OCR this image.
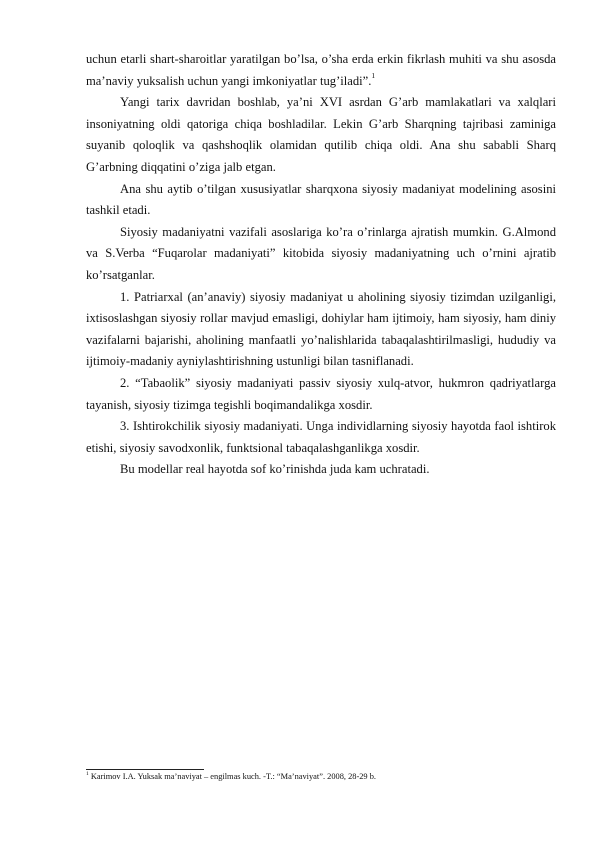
uchun etarli shart-sharoitlar yaratilgan bo’lsa, o’sha erda erkin fikrlash muhiti va shu asosda ma’naviy yuksalish uchun yangi imkoniyatlar tug’iladi”.$^1$

Yangi tarix davridan boshlab, ya’ni XVI asrdan G’arb mamlakatlari va xalqlari insoniyatning oldi qatoriga chiqa boshladilar. Lekin G’arb Sharqning tajribasi zaminiga suyanib qoloqlik va qashshoqlik olamidan qutilib chiqa oldi. Ana shu sababli Sharq G’arbning diqqatini o’ziga jalb etgan.

Ana shu aytib o’tilgan xususiyatlar sharqxona siyosiy madaniyat modelining asosini tashkil etadi.

Siyosiy madaniyatni vazifali asoslariga ko’ra o’rinlarga ajratish mumkin. G.Almond va S.Verba “Fuqarolar madaniyati” kitobida siyosiy madaniyatning uch o’rnini ajratib ko’rsatganlar.

1. Patriarxal (an’anaviy) siyosiy madaniyat u aholining siyosiy tizimdan uzilganligi, ixtisoslashgan siyosiy rollar mavjud emasligi, dohiylar ham ijtimoiy, ham siyosiy, ham diniy vazifalarni bajarishi, aholining manfaatli yo’nalishlarida tabaqalashtirilmasligi, hududiy va ijtimoiy-madaniy ayniylashtirishning ustunligi bilan tasniflanadi.

2. “Tabaolik” siyosiy madaniyati passiv siyosiy xulq-atvor, hukmron qadriyatlarga tayanish, siyosiy tizimga tegishli boqimandalikga xosdir.

3. Ishtirokchilik siyosiy madaniyati. Unga individlarning siyosiy hayotda faol ishtirok etishi, siyosiy savodxonlik, funktsional tabaqalashganlikga xosdir.

Bu modellar real hayotda sof ko’rinishda juda kam uchratadi.

$^1$ Karimov I.A. Yuksak ma’naviyat – engilmas kuch. -T.: “Ma’naviyat”. 2008, 28-29 b.
